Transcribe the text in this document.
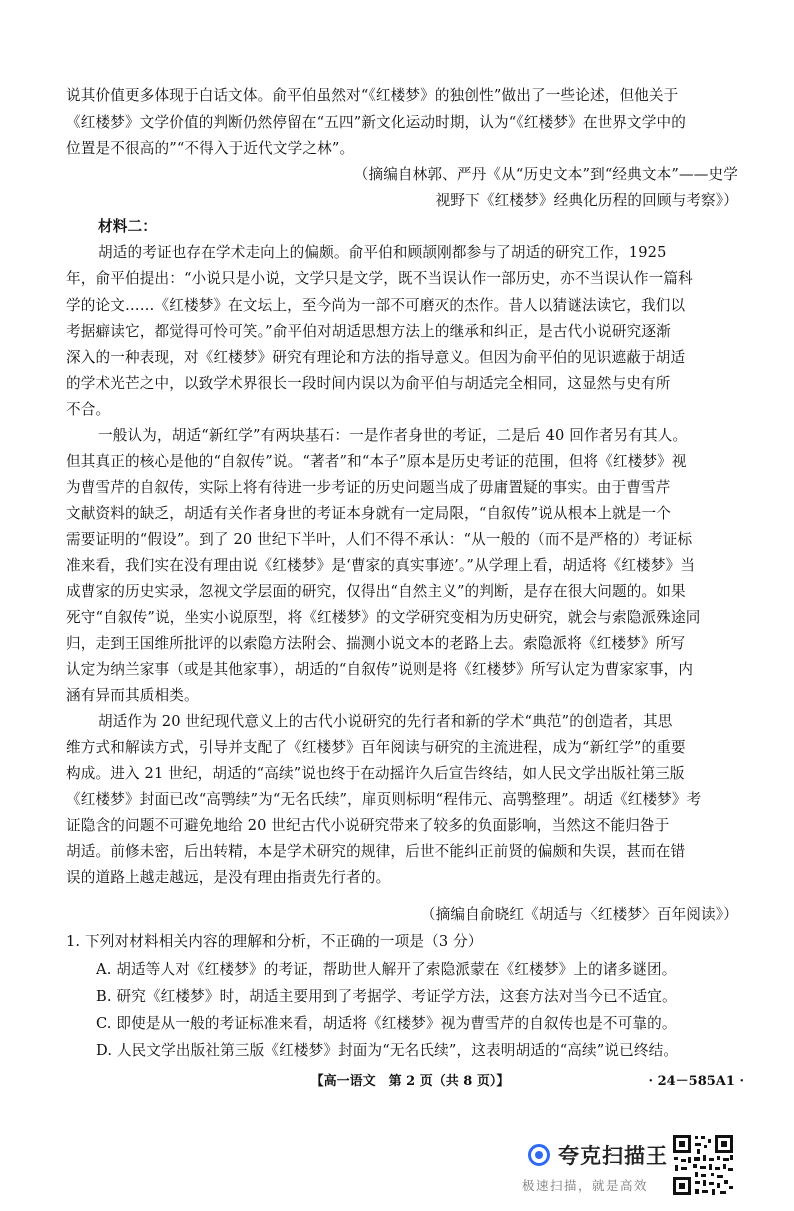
说其价值更多体现于白话文体。俞平伯虽然对“《红楼梦》的独创性”做出了一些论述，但他关于
《红楼梦》文学价值的判断仍然停留在“五四”新文化运动时期，认为“《红楼梦》在世界文学中的
位置是不很高的”“不得入于近代文学之林”。
（摘编自林郭、严丹《从“历史文本”到“经典文本”——史学
视野下《红楼梦》经典化历程的回顾与考察》）
材料二：
胡适的考证也存在学术走向上的偏颇。俞平伯和顾颉刚都参与了胡适的研究工作，1925
年，俞平伯提出：“小说只是小说，文学只是文学，既不当误认作一部历史，亦不当误认作一篇科
学的论文……《红楼梦》在文坛上，至今尚为一部不可磨灭的杰作。昔人以猜谜法读它，我们以
考据癖读它，都觉得可怜可笑。”俞平伯对胡适思想方法上的继承和纠正，是古代小说研究逐渐
深入的一种表现，对《红楼梦》研究有理论和方法的指导意义。但因为俞平伯的见识遮蔽于胡适
的学术光芒之中，以致学术界很长一段时间内误以为俞平伯与胡适完全相同，这显然与史有所
不合。
一般认为，胡适“新红学”有两块基石：一是作者身世的考证，二是后 40 回作者另有其人。
但其真正的核心是他的“自叙传”说。“著者”和“本子”原本是历史考证的范围，但将《红楼梦》视
为曹雪芹的自叙传，实际上将有待进一步考证的历史问题当成了毋庸置疑的事实。由于曹雪芹
文献资料的缺乏，胡适有关作者身世的考证本身就有一定局限，“自叙传”说从根本上就是一个
需要证明的“假设”。到了 20 世纪下半叶，人们不得不承认：“从一般的（而不是严格的）考证标
准来看，我们实在没有理由说《红楼梦》是‘曹家的真实事迹’。”从学理上看，胡适将《红楼梦》当
成曹家的历史实录，忽视文学层面的研究，仅得出“自然主义”的判断，是存在很大问题的。如果
死守“自叙传”说，坐实小说原型，将《红楼梦》的文学研究变相为历史研究，就会与索隐派殊途同
归，走到王国维所批评的以索隐方法附会、揣测小说文本的老路上去。索隐派将《红楼梦》所写
认定为纳兰家事（或是其他家事），胡适的“自叙传”说则是将《红楼梦》所写认定为曹家家事，内
涵有异而其质相类。
胡适作为 20 世纪现代意义上的古代小说研究的先行者和新的学术“典范”的创造者，其思
维方式和解读方式，引导并支配了《红楼梦》百年阅读与研究的主流进程，成为“新红学”的重要
构成。进入 21 世纪，胡适的“高续”说也终于在动摇许久后宣告终结，如人民文学出版社第三版
《红楼梦》封面已改“高鹗续”为“无名氏续”，扉页则标明“程伟元、高鹗整理”。胡适《红楼梦》考
证隐含的问题不可避免地给 20 世纪古代小说研究带来了较多的负面影响，当然这不能归咎于
胡适。前修未密，后出转精，本是学术研究的规律，后世不能纠正前贤的偏颇和失误，甚而在错
误的道路上越走越远，是没有理由指责先行者的。
（摘编自俞晓红《胡适与〈红楼梦〉百年阅读》）
1. 下列对材料相关内容的理解和分析，不正确的一项是（3 分）
A. 胡适等人对《红楼梦》的考证，帮助世人解开了索隐派蒙在《红楼梦》上的诸多谜团。
B. 研究《红楼梦》时，胡适主要用到了考据学、考证学方法，这套方法对当今已不适宜。
C. 即使是从一般的考证标准来看，胡适将《红楼梦》视为曹雪芹的自叙传也是不可靠的。
D. 人民文学出版社第三版《红楼梦》封面为“无名氏续”，这表明胡适的“高续”说已终结。
【高一语文　第 2 页（共 8 页）】	· 24－585A1 ·
夸克扫描王
极速扫描，就是高效
